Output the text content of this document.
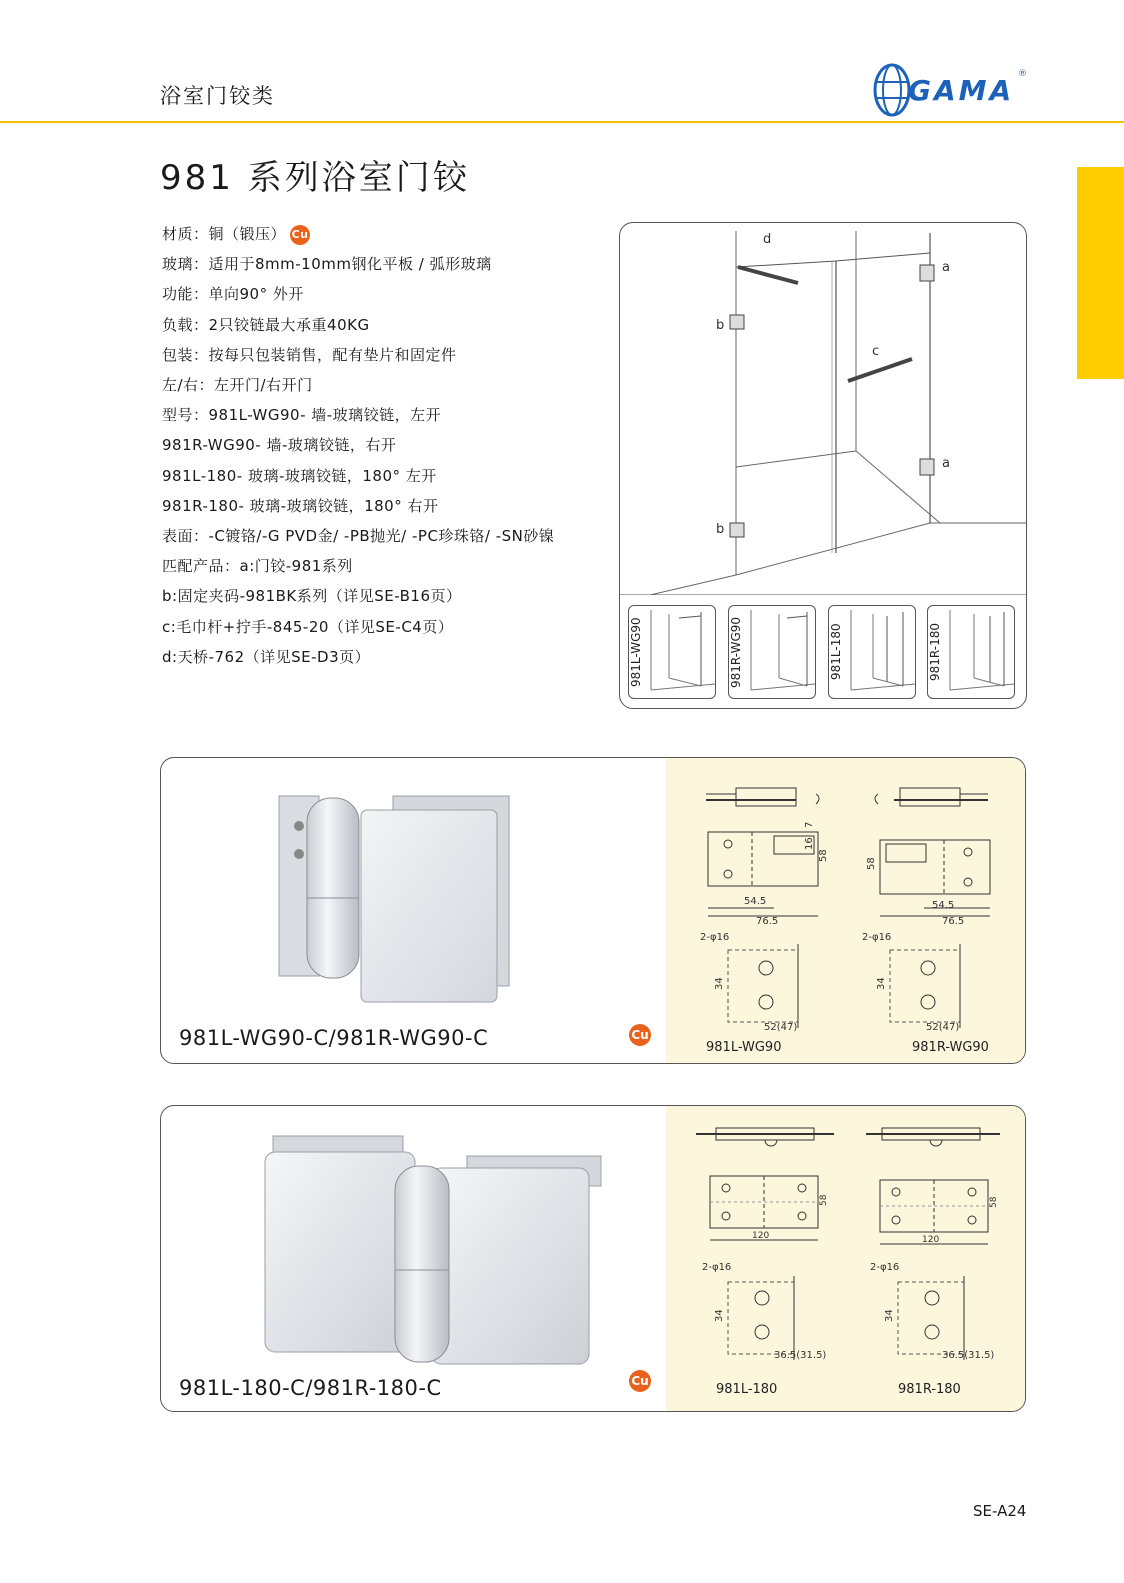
浴室门铰类	GAMA ®
981 系列浴室门铰
材质：铜（锻压） Cu
玻璃：适用于8mm-10mm钢化平板 / 弧形玻璃
功能：单向90° 外开
负载：2只铰链最大承重40KG
包装：按每只包装销售，配有垫片和固定件
左/右：左开门/右开门
型号：981L-WG90- 墙-玻璃铰链，左开
981R-WG90- 墙-玻璃铰链，右开
981L-180- 玻璃-玻璃铰链，180° 左开
981R-180- 玻璃-玻璃铰链，180° 右开
表面：-C镀铬/-G PVD金/ -PB抛光/ -PC珍珠铬/ -SN砂镍
匹配产品：a:门铰-981系列
b:固定夹码-981BK系列（详见SE-B16页）
c:毛巾杆+拧手-845-20（详见SE-C4页）
d:天桥-762（详见SE-D3页）
d
a
a
b
b
c
981L-WG90	981R-WG90	981L-180	981R-180
981L-WG90-C/981R-WG90-C	Cu
54.5
76.5
58
16
7
54.5
76.5
58
2-φ16
34
52(47)
2-φ16
34
52(47)
981L-WG90	981R-WG90
981L-180-C/981R-180-C	Cu
120
58
120
58
2-φ16
34
36.5(31.5)
2-φ16
34
36.5(31.5)
981L-180	981R-180
SE-A24
